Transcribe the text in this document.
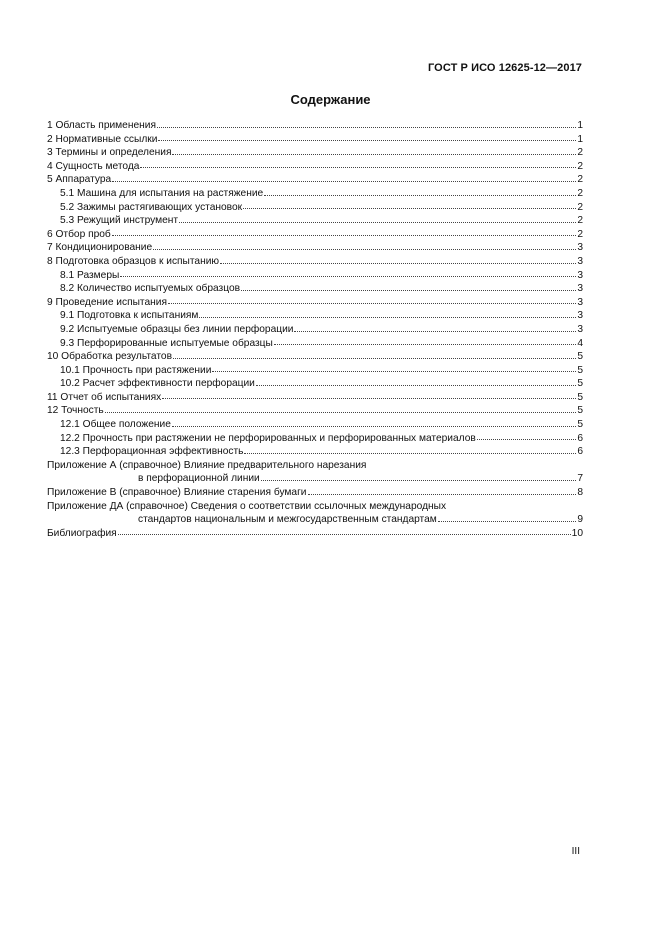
ГОСТ Р ИСО 12625-12—2017
Содержание
1 Область применения	1
2 Нормативные ссылки	1
3 Термины и определения	2
4 Сущность метода	2
5 Аппаратура	2
5.1 Машина для испытания на растяжение	2
5.2 Зажимы растягивающих установок	2
5.3 Режущий инструмент	2
6 Отбор проб	2
7 Кондиционирование	3
8 Подготовка образцов к испытанию	3
8.1 Размеры	3
8.2 Количество испытуемых образцов	3
9 Проведение испытания	3
9.1 Подготовка к испытаниям	3
9.2 Испытуемые образцы без линии перфорации	3
9.3 Перфорированные испытуемые образцы	4
10 Обработка результатов	5
10.1 Прочность при растяжении	5
10.2 Расчет эффективности перфорации	5
11 Отчет об испытаниях	5
12 Точность	5
12.1 Общее положение	5
12.2 Прочность при растяжении не перфорированных и перфорированных материалов	6
12.3 Перфорационная эффективность	6
Приложение А (справочное) Влияние предварительного нарезания
в перфорационной линии	7
Приложение В (справочное) Влияние старения бумаги	8
Приложение ДА (справочное) Сведения о соответствии ссылочных международных
стандартов национальным и межгосударственным стандартам	9
Библиография	10
III
